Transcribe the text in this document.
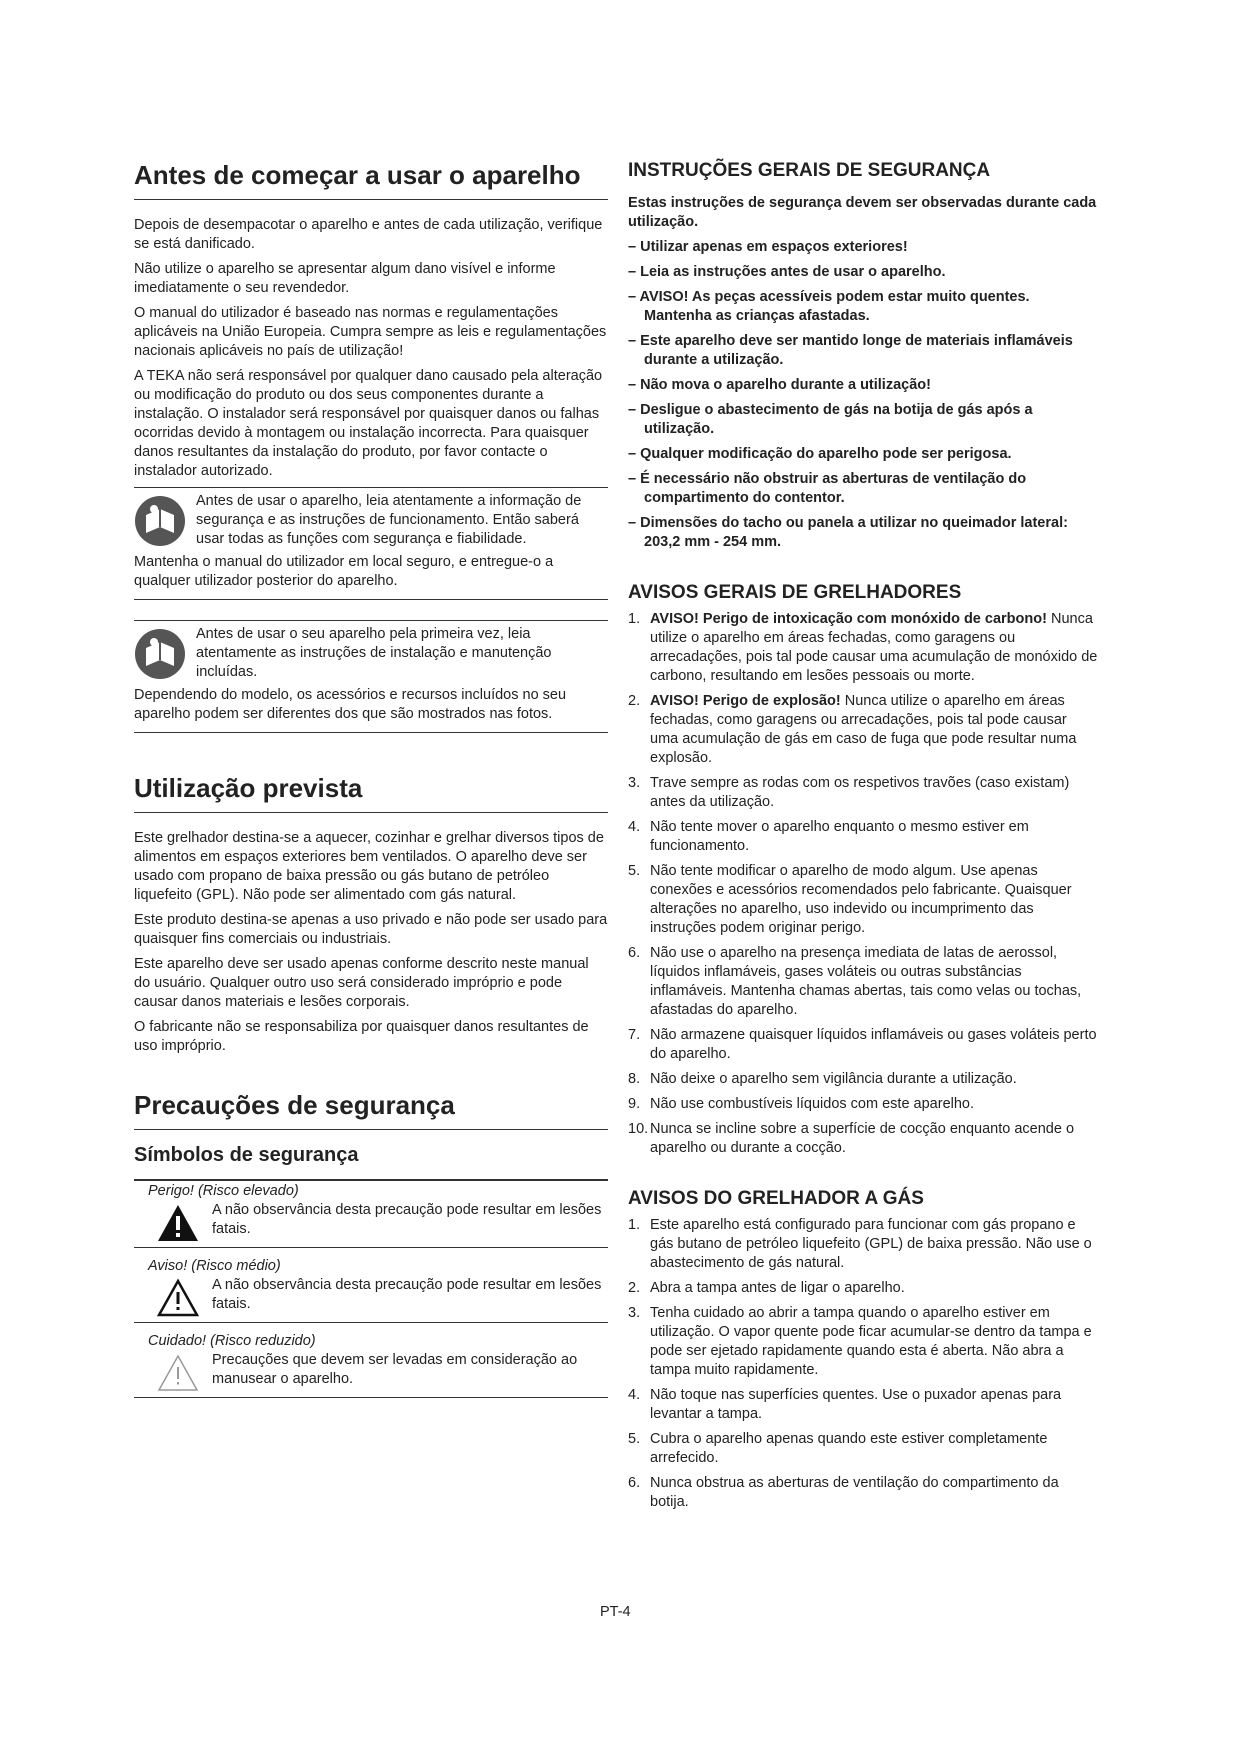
Antes de começar a usar o aparelho

Depois de desempacotar o aparelho e antes de cada utilização, verifique se está danificado.

Não utilize o aparelho se apresentar algum dano visível e informe imediatamente o seu revendedor.

O manual do utilizador é baseado nas normas e regulamentações aplicáveis na União Europeia. Cumpra sempre as leis e regulamentações nacionais aplicáveis no país de utilização!

A TEKA não será responsável por qualquer dano causado pela alteração ou modificação do produto ou dos seus componentes durante a instalação. O instalador será responsável por quaisquer danos ou falhas ocorridas devido à montagem ou instalação incorrecta. Para quaisquer danos resultantes da instalação do produto, por favor contacte o instalador autorizado.

Antes de usar o aparelho, leia atentamente a informação de segurança e as instruções de funcionamento. Então saberá usar todas as funções com segurança e fiabilidade.

Mantenha o manual do utilizador em local seguro, e entregue-o a qualquer utilizador posterior do aparelho.

Antes de usar o seu aparelho pela primeira vez, leia atentamente as instruções de instalação e manutenção incluídas.

Dependendo do modelo, os acessórios e recursos incluídos no seu aparelho podem ser diferentes dos que são mostrados nas fotos.

Utilização prevista

Este grelhador destina-se a aquecer, cozinhar e grelhar diversos tipos de alimentos em espaços exteriores bem ventilados. O aparelho deve ser usado com propano de baixa pressão ou gás butano de petróleo liquefeito (GPL). Não pode ser alimentado com gás natural.

Este produto destina-se apenas a uso privado e não pode ser usado para quaisquer fins comerciais ou industriais.

Este aparelho deve ser usado apenas conforme descrito neste manual do usuário. Qualquer outro uso será considerado impróprio e pode causar danos materiais e lesões corporais.

O fabricante não se responsabiliza por quaisquer danos resultantes de uso impróprio.

Precauções de segurança
Símbolos de segurança
Perigo! (Risco elevado)

A não observância desta precaução pode resultar em lesões fatais.

Aviso! (Risco médio)

A não observância desta precaução pode resultar em lesões fatais.

Cuidado! (Risco reduzido)

Precauções que devem ser levadas em consideração ao manusear o aparelho.

INSTRUÇÕES GERAIS DE SEGURANÇA

Estas instruções de segurança devem ser observadas durante cada utilização.

– Utilizar apenas em espaços exteriores!
– Leia as instruções antes de usar o aparelho.
– AVISO! As peças acessíveis podem estar muito quentes. Mantenha as crianças afastadas.
– Este aparelho deve ser mantido longe de materiais inflamáveis durante a utilização.
– Não mova o aparelho durante a utilização!
– Desligue o abastecimento de gás na botija de gás após a utilização.
– Qualquer modificação do aparelho pode ser perigosa.
– É necessário não obstruir as aberturas de ventilação do compartimento do contentor.
– Dimensões do tacho ou panela a utilizar no queimador lateral: 203,2 mm - 254 mm.
AVISOS GERAIS DE GRELHADORES
1. AVISO! Perigo de intoxicação com monóxido de carbono! Nunca utilize o aparelho em áreas fechadas, como garagens ou arrecadações, pois tal pode causar uma acumulação de monóxido de carbono, resultando em lesões pessoais ou morte.
2. AVISO! Perigo de explosão! Nunca utilize o aparelho em áreas fechadas, como garagens ou arrecadações, pois tal pode causar uma acumulação de gás em caso de fuga que pode resultar numa explosão.
3. Trave sempre as rodas com os respetivos travões (caso existam) antes da utilização.
4. Não tente mover o aparelho enquanto o mesmo estiver em funcionamento.
5. Não tente modificar o aparelho de modo algum. Use apenas conexões e acessórios recomendados pelo fabricante. Quaisquer alterações no aparelho, uso indevido ou incumprimento das instruções podem originar perigo.
6. Não use o aparelho na presença imediata de latas de aerossol, líquidos inflamáveis, gases voláteis ou outras substâncias inflamáveis. Mantenha chamas abertas, tais como velas ou tochas, afastadas do aparelho.
7. Não armazene quaisquer líquidos inflamáveis ou gases voláteis perto do aparelho.
8. Não deixe o aparelho sem vigilância durante a utilização.
9. Não use combustíveis líquidos com este aparelho.
10. Nunca se incline sobre a superfície de cocção enquanto acende o aparelho ou durante a cocção.
AVISOS DO GRELHADOR A GÁS
1. Este aparelho está configurado para funcionar com gás propano e gás butano de petróleo liquefeito (GPL) de baixa pressão. Não use o abastecimento de gás natural.
2. Abra a tampa antes de ligar o aparelho.
3. Tenha cuidado ao abrir a tampa quando o aparelho estiver em utilização. O vapor quente pode ficar acumular-se dentro da tampa e pode ser ejetado rapidamente quando esta é aberta. Não abra a tampa muito rapidamente.
4. Não toque nas superfícies quentes. Use o puxador apenas para levantar a tampa.
5. Cubra o aparelho apenas quando este estiver completamente arrefecido.
6. Nunca obstrua as aberturas de ventilação do compartimento da botija.
PT-4
